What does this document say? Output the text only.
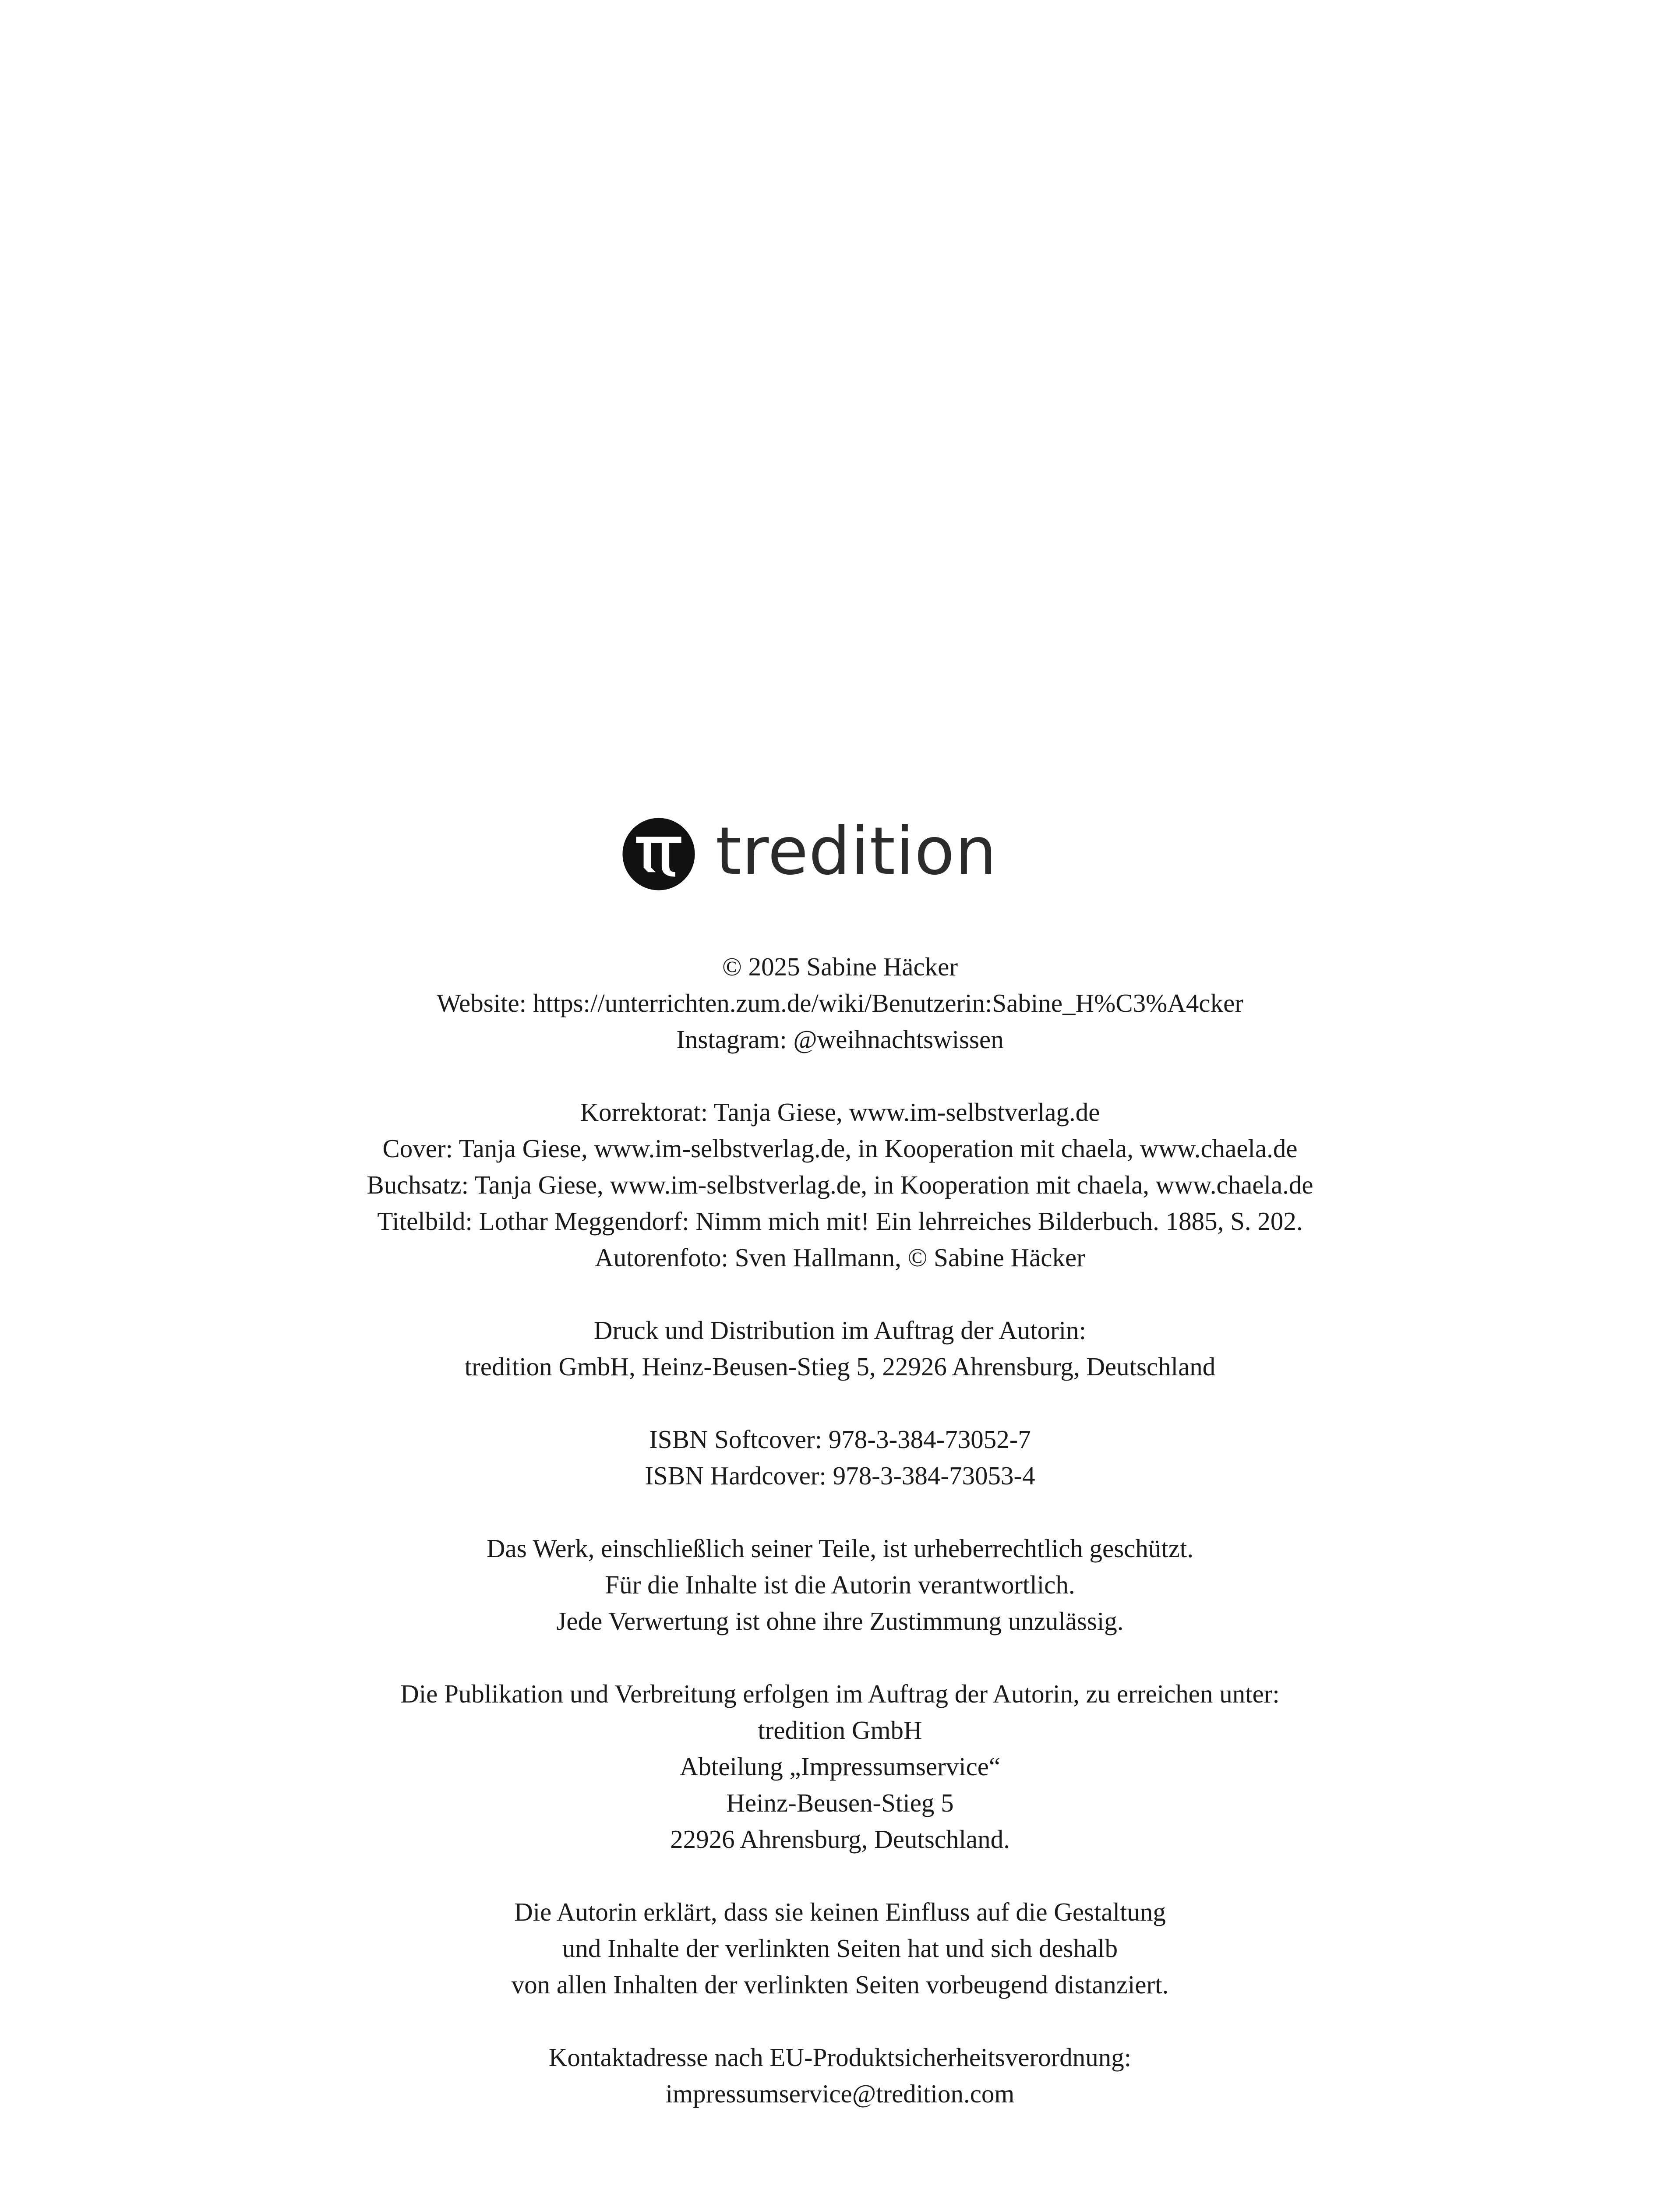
tredition
© 2025 Sabine Häcker
Website: https://unterrichten.zum.de/wiki/Benutzerin:Sabine_H%C3%A4cker
Instagram: @weihnachtswissen
Korrektorat: Tanja Giese, www.im-selbstverlag.de
Cover: Tanja Giese, www.im-selbstverlag.de, in Kooperation mit chaela, www.chaela.de
Buchsatz: Tanja Giese, www.im-selbstverlag.de, in Kooperation mit chaela, www.chaela.de
Titelbild: Lothar Meggendorf: Nimm mich mit! Ein lehrreiches Bilderbuch. 1885, S. 202.
Autorenfoto: Sven Hallmann, © Sabine Häcker
Druck und Distribution im Auftrag der Autorin:
tredition GmbH, Heinz-Beusen-Stieg 5, 22926 Ahrensburg, Deutschland
ISBN Softcover: 978-3-384-73052-7
ISBN Hardcover: 978-3-384-73053-4
Das Werk, einschließlich seiner Teile, ist urheberrechtlich geschützt.
Für die Inhalte ist die Autorin verantwortlich.
Jede Verwertung ist ohne ihre Zustimmung unzulässig.
Die Publikation und Verbreitung erfolgen im Auftrag der Autorin, zu erreichen unter:
tredition GmbH
Abteilung „Impressumservice“
Heinz-Beusen-Stieg 5
22926 Ahrensburg, Deutschland.
Die Autorin erklärt, dass sie keinen Einfluss auf die Gestaltung
und Inhalte der verlinkten Seiten hat und sich deshalb
von allen Inhalten der verlinkten Seiten vorbeugend distanziert.
Kontaktadresse nach EU-Produktsicherheitsverordnung:
impressumservice@tredition.com
